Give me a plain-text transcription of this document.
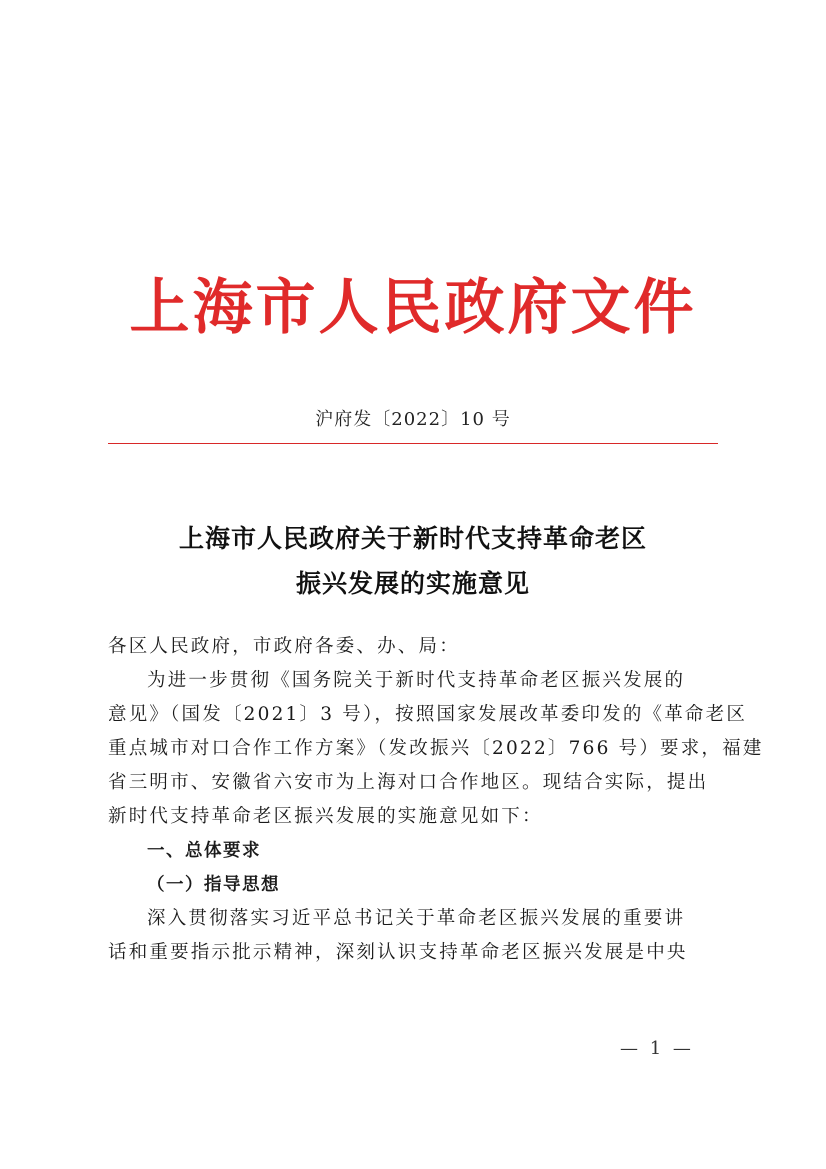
上海市人民政府文件
沪府发〔2022〕10 号
上海市人民政府关于新时代支持革命老区
振兴发展的实施意见
各区人民政府，市政府各委、办、局：
为进一步贯彻《国务院关于新时代支持革命老区振兴发展的
意见》（国发〔2021〕3 号），按照国家发展改革委印发的《革命老区
重点城市对口合作工作方案》（发改振兴〔2022〕766 号）要求，福建
省三明市、安徽省六安市为上海对口合作地区。现结合实际，提出
新时代支持革命老区振兴发展的实施意见如下：
一、总体要求
（一）指导思想
深入贯彻落实习近平总书记关于革命老区振兴发展的重要讲
话和重要指示批示精神，深刻认识支持革命老区振兴发展是中央
— 1 —
